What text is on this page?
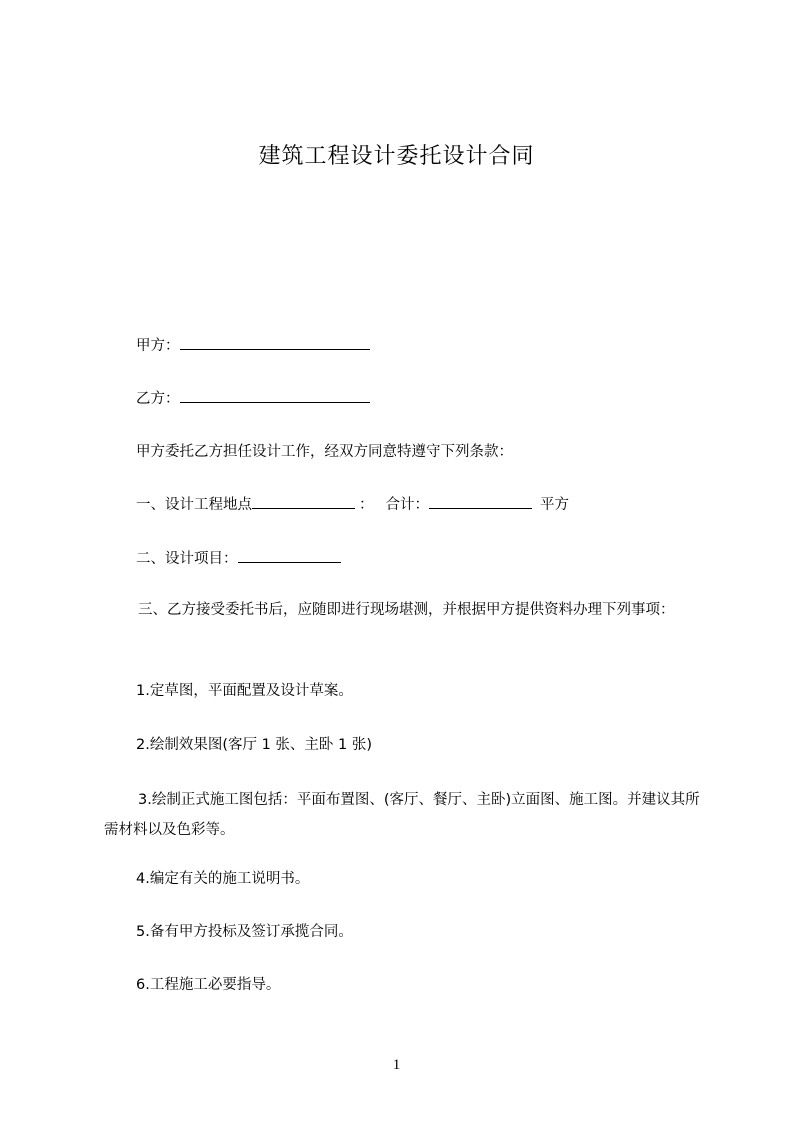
建筑工程设计委托设计合同
甲方：
乙方：
甲方委托乙方担任设计工作，经双方同意特遵守下列条款：
一、设计工程地点	： 合计：	平方
二、设计项目：
三、乙方接受委托书后，应随即进行现场堪测，并根据甲方提供资料办理下列事项：
1.定草图，平面配置及设计草案。
2.绘制效果图(客厅 1 张、主卧 1 张)
3.绘制正式施工图包括：平面布置图、(客厅、餐厅、主卧)立面图、施工图。并建议其所需材料以及色彩等。
4.编定有关的施工说明书。
5.备有甲方投标及签订承揽合同。
6.工程施工必要指导。
1
